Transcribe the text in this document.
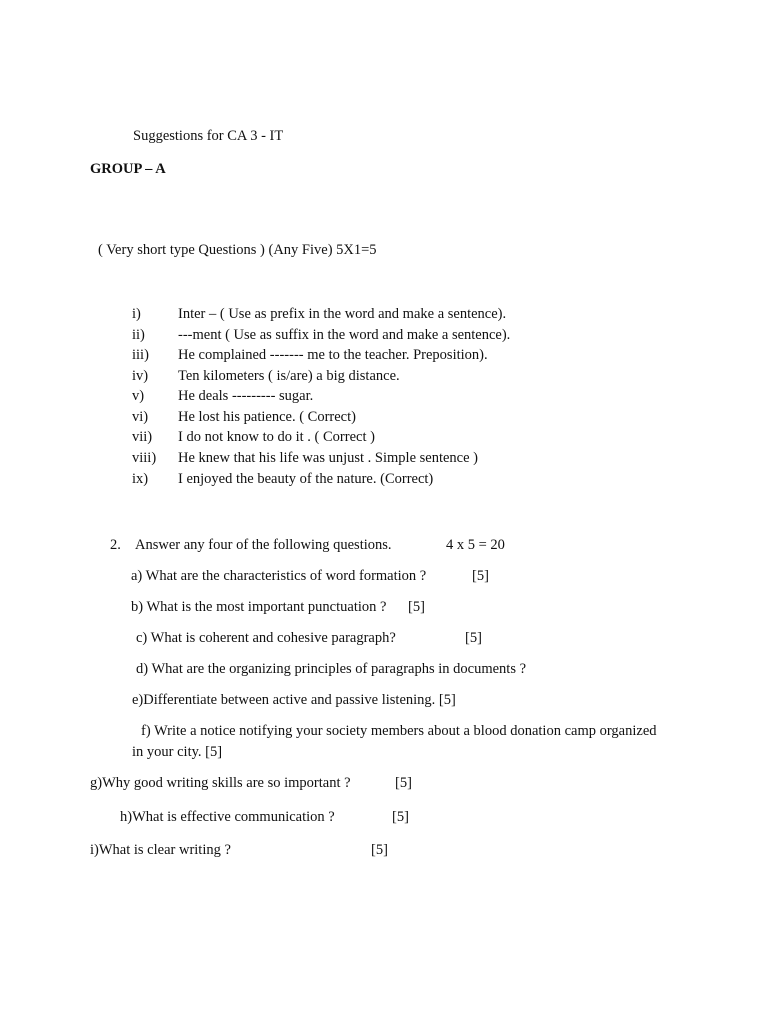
Suggestions for CA 3 - IT
GROUP – A
( Very short type Questions ) (Any Five) 5X1=5
i)	Inter – ( Use as prefix in the word and make a sentence).
ii) ---ment ( Use as suffix in the word and make a sentence).
iii) He complained ------- me to the teacher. Preposition).
iv) Ten kilometers ( is/are) a big distance.
v) He deals --------- sugar.
vi) He lost his patience. ( Correct)
vii) I do not know to do it . ( Correct )
viii) He knew that his life was unjust . Simple sentence )
ix) I enjoyed the beauty of the nature. (Correct)
2. Answer any four of the following questions.	4 x 5 = 20
a) What are the characteristics of word formation ?	[5]
b) What is the most important punctuation ? [5]
c) What is coherent and cohesive paragraph?	[5]
d) What are the organizing principles of paragraphs in documents ?
e)Differentiate between active and passive listening. [5]
f) Write a notice notifying your society members about a blood donation camp organized
in your city. [5]
g)Why good writing skills are so important ?	[5]
h)What is effective communication ?	[5]
i)What is clear writing ?	[5]
